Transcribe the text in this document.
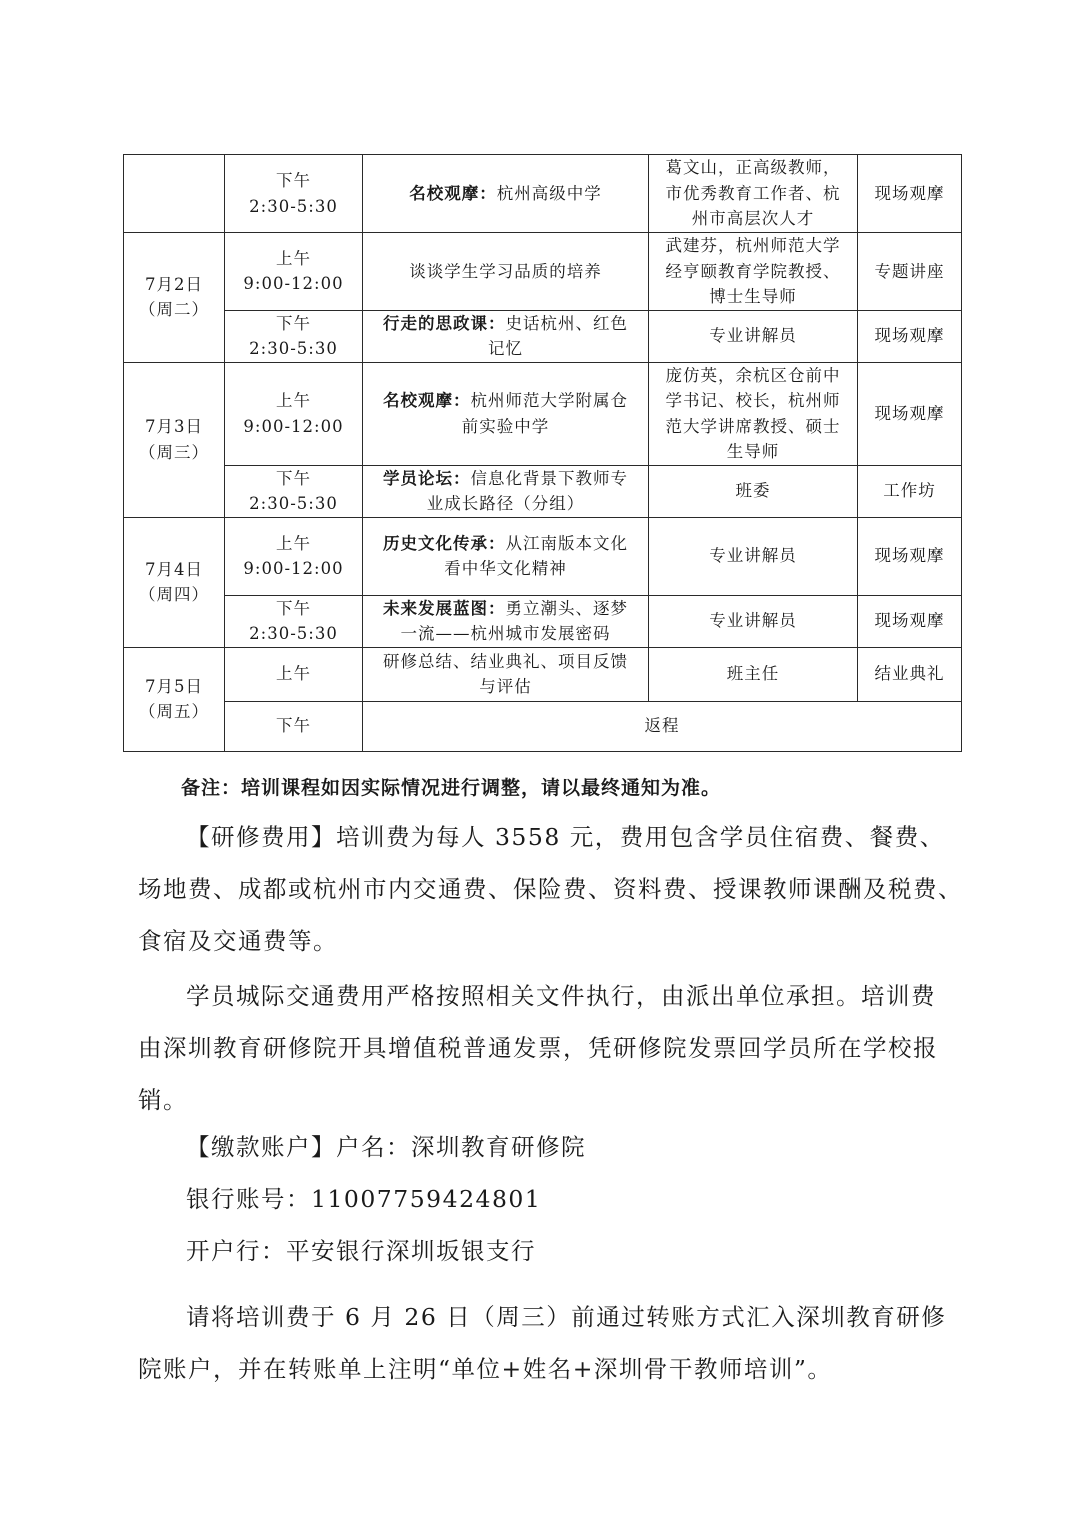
	下午
2:30-5:30	名校观摩：杭州高级中学	葛文山，正高级教师，
市优秀教育工作者、杭
州市高层次人才	现场观摩

7月2日
（周二）	上午
9:00-12:00	谈谈学生学习品质的培养	武建芬，杭州师范大学
经亨颐教育学院教授、
博士生导师	专题讲座

	下午
2:30-5:30	行走的思政课：史话杭州、红色
记忆	专业讲解员	现场观摩

7月3日
（周三）	上午
9:00-12:00	名校观摩：杭州师范大学附属仓
前实验中学	庞仿英，余杭区仓前中
学书记、校长，杭州师
范大学讲席教授、硕士
生导师	现场观摩

	下午
2:30-5:30	学员论坛：信息化背景下教师专
业成长路径（分组）	班委	工作坊

7月4日
（周四）	上午
9:00-12:00	历史文化传承：从江南版本文化
看中华文化精神	专业讲解员	现场观摩

	下午
2:30-5:30	未来发展蓝图：勇立潮头、逐梦
一流——杭州城市发展密码	专业讲解员	现场观摩

7月5日
（周五）	上午	研修总结、结业典礼、项目反馈
与评估	班主任	结业典礼
	下午	返程		
备注：培训课程如因实际情况进行调整，请以最终通知为准。
【研修费用】培训费为每人 3558 元，费用包含学员住宿费、餐费、
场地费、成都或杭州市内交通费、保险费、资料费、授课教师课酬及税费、
食宿及交通费等。
学员城际交通费用严格按照相关文件执行，由派出单位承担。培训费
由深圳教育研修院开具增值税普通发票，凭研修院发票回学员所在学校报
销。
【缴款账户】户名：深圳教育研修院
银行账号：11007759424801
开户行：平安银行深圳坂银支行
请将培训费于 6 月 26 日（周三）前通过转账方式汇入深圳教育研修
院账户，并在转账单上注明“单位+姓名+深圳骨干教师培训”。
